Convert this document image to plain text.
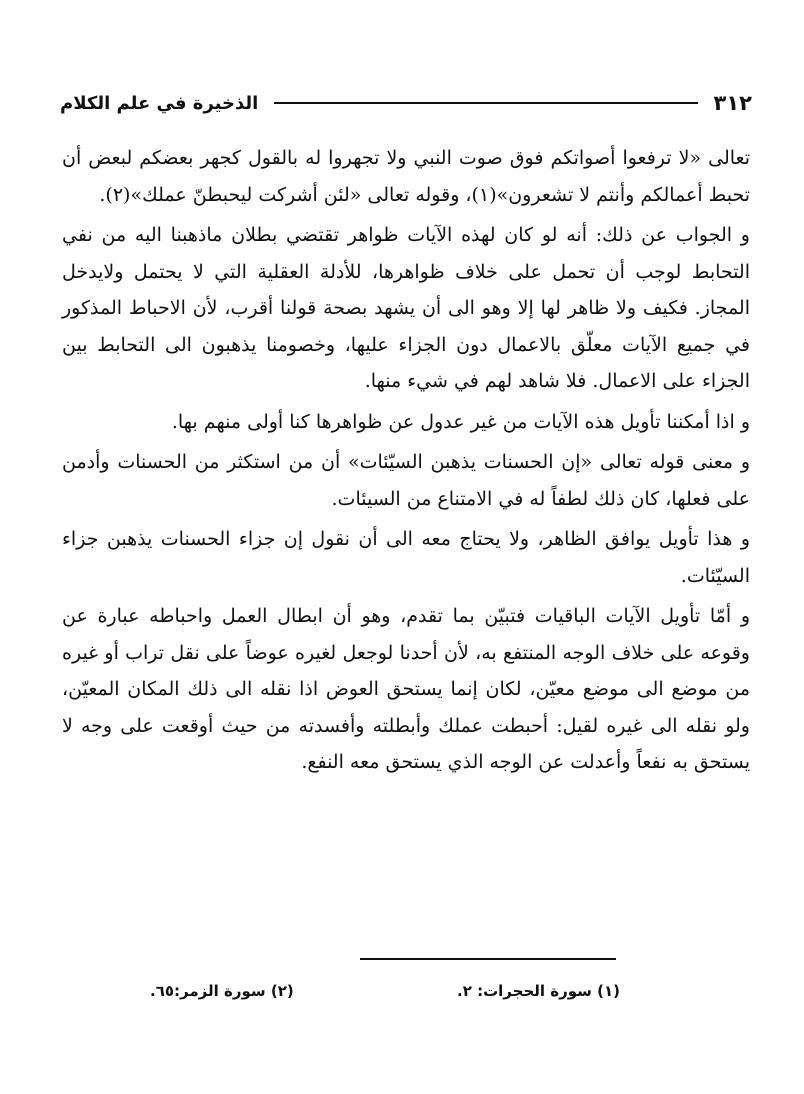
٣١٢
الذخيرة في علم الكلام

تعالى «لا ترفعوا أصواتكم فوق صوت النبي ولا تجهروا له بالقول كجهر بعضكم لبعض أن تحبط أعمالكم وأنتم لا تشعرون»(١)، وقوله تعالى «لئن أشركت ليحبطنّ عملك»(٢).

و الجواب عن ذلك: أنه لو كان لهذه الآيات ظواهر تقتضي بطلان ماذهبنا اليه من نفي التحابط لوجب أن تحمل على خلاف ظواهرها، للأدلة العقلية التي لا يحتمل ولايدخل المجاز. فكيف ولا ظاهر لها إلا وهو الى أن يشهد بصحة قولنا أقرب، لأن الاحباط المذكور في جميع الآيات معلّق بالاعمال دون الجزاء عليها، وخصومنا يذهبون الى التحابط بين الجزاء على الاعمال. فلا شاهد لهم في شيء منها.

و اذا أمكننا تأويل هذه الآيات من غير عدول عن ظواهرها كنا أولى منهم بها.

و معنى قوله تعالى «إن الحسنات يذهبن السيّئات» أن من استكثر من الحسنات وأدمن على فعلها، كان ذلك لطفاً له في الامتناع من السيئات.

و هذا تأويل يوافق الظاهر، ولا يحتاج معه الى أن نقول إن جزاء الحسنات يذهبن جزاء السيّئات.

و أمّا تأويل الآيات الباقيات فتبيّن بما تقدم، وهو أن ابطال العمل واحباطه عبارة عن وقوعه على خلاف الوجه المنتفع به، لأن أحدنا لوجعل لغيره عوضاً على نقل تراب أو غيره من موضع الى موضع معيّن، لكان إنما يستحق العوض اذا نقله الى ذلك المكان المعيّن، ولو نقله الى غيره لقيل: أحبطت عملك وأبطلته وأفسدته من حيث أوقعت على وجه لا يستحق به نفعاً وأعدلت عن الوجه الذي يستحق معه النفع.

(١) سورة الحجرات: ٢.
(٢) سورة الزمر:٦٥.
